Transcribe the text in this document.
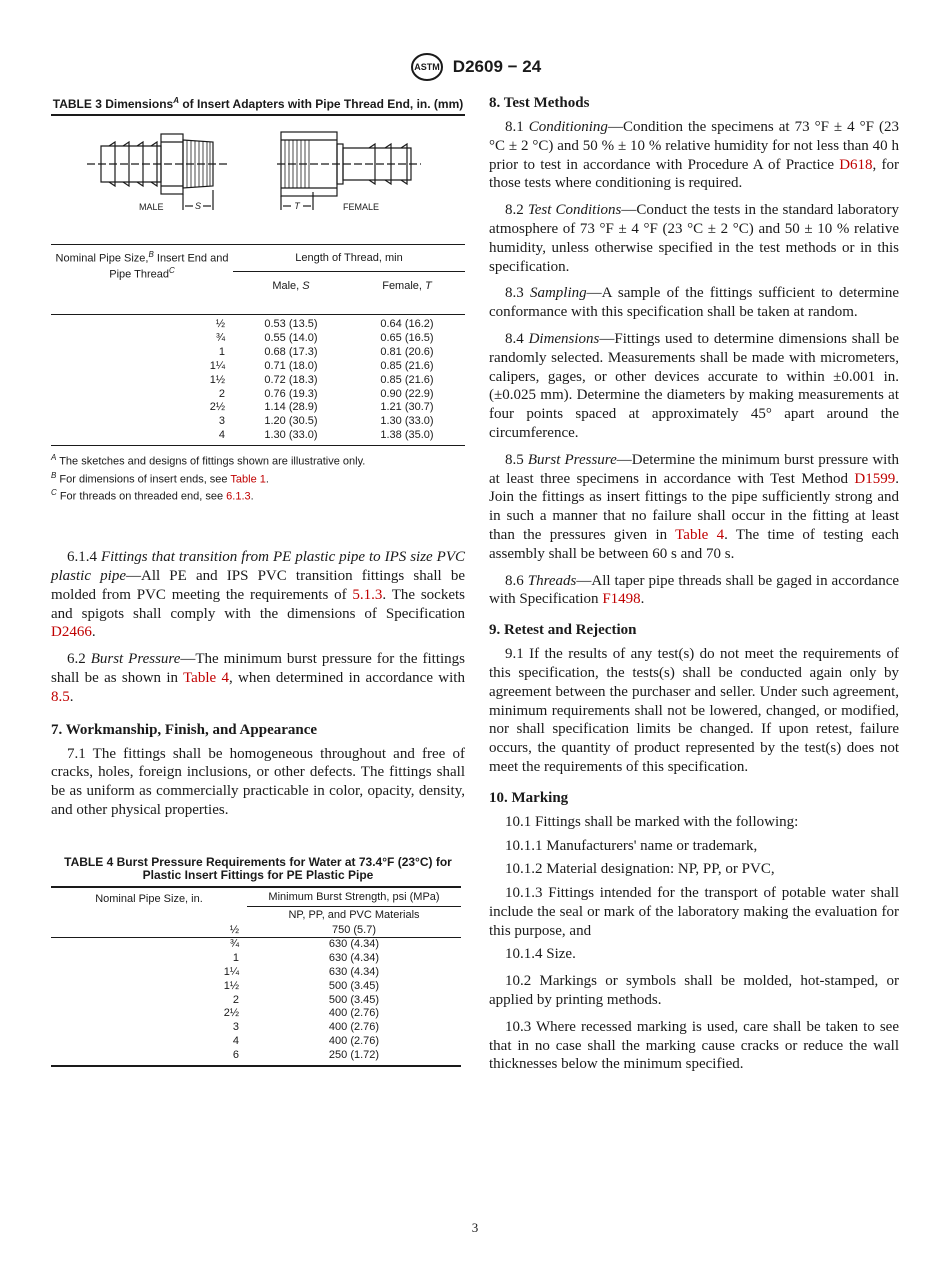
ASTM D2609 − 24
TABLE 3 Dimensions$^A$ of Insert Adapters with Pipe Thread End, in. (mm)
MALE	S	T	FEMALE
Nominal Pipe Size,$^B$ Insert End and Pipe Thread$^C$	Length of Thread, min	
	Male, S	Female, T

½	0.53 (13.5)	0.64 (16.2)
¾	0.55 (14.0)	0.65 (16.5)
1	0.68 (17.3)	0.81 (20.6)
1¼	0.71 (18.0)	0.85 (21.6)
1½	0.72 (18.3)	0.85 (21.6)
2	0.76 (19.3)	0.90 (22.9)
2½	1.14 (28.9)	1.21 (30.7)
3	1.20 (30.5)	1.30 (33.0)
4	1.30 (33.0)	1.38 (35.0)
$^A$ The sketches and designs of fittings shown are illustrative only.
$^B$ For dimensions of insert ends, see Table 1.
$^C$ For threads on threaded end, see 6.1.3.

6.1.4 Fittings that transition from PE plastic pipe to IPS size PVC plastic pipe—All PE and IPS PVC transition fittings shall be molded from PVC meeting the requirements of 5.1.3. The sockets and spigots shall comply with the dimensions of Specification D2466.

6.2 Burst Pressure—The minimum burst pressure for the fittings shall be as shown in Table 4, when determined in accordance with 8.5.

7. Workmanship, Finish, and Appearance

7.1 The fittings shall be homogeneous throughout and free of cracks, holes, foreign inclusions, or other defects. The fittings shall be as uniform as commercially practicable in color, opacity, density, and other physical properties.

TABLE 4 Burst Pressure Requirements for Water at 73.4°F (23°C) for Plastic Insert Fittings for PE Plastic Pipe
Nominal Pipe Size, in.	Minimum Burst Strength, psi (MPa)
	NP, PP, and PVC Materials
½	750 (5.7)
¾	630 (4.34)
1	630 (4.34)
1¼	630 (4.34)
1½	500 (3.45)
2	500 (3.45)
2½	400 (2.76)
3	400 (2.76)
4	400 (2.76)
6	250 (1.72)
8. Test Methods

8.1 Conditioning—Condition the specimens at 73 °F ± 4 °F (23 °C ± 2 °C) and 50 % ± 10 % relative humidity for not less than 40 h prior to test in accordance with Procedure A of Practice D618, for those tests where conditioning is required.

8.2 Test Conditions—Conduct the tests in the standard laboratory atmosphere of 73 °F ± 4 °F (23 °C ± 2 °C) and 50 ± 10 % relative humidity, unless otherwise specified in the test methods or in this specification.

8.3 Sampling—A sample of the fittings sufficient to determine conformance with this specification shall be taken at random.

8.4 Dimensions—Fittings used to determine dimensions shall be randomly selected. Measurements shall be made with micrometers, calipers, gages, or other devices accurate to within ±0.001 in. (±0.025 mm). Determine the diameters by making measurements at four points spaced at approximately 45° apart around the circumference.

8.5 Burst Pressure—Determine the minimum burst pressure with at least three specimens in accordance with Test Method D1599. Join the fittings as insert fittings to the pipe sufficiently strong and in such a manner that no failure shall occur in the fitting at least than the pressures given in Table 4. The time of testing each assembly shall be between 60 s and 70 s.

8.6 Threads—All taper pipe threads shall be gaged in accordance with Specification F1498.

9. Retest and Rejection

9.1 If the results of any test(s) do not meet the requirements of this specification, the tests(s) shall be conducted again only by agreement between the purchaser and seller. Under such agreement, minimum requirements shall not be lowered, changed, or modified, nor shall specification limits be changed. If upon retest, failure occurs, the quantity of product represented by the test(s) does not meet the requirements of this specification.

10. Marking

10.1 Fittings shall be marked with the following:

10.1.1 Manufacturers' name or trademark,

10.1.2 Material designation: NP, PP, or PVC,

10.1.3 Fittings intended for the transport of potable water shall include the seal or mark of the laboratory making the evaluation for this purpose, and

10.1.4 Size.

10.2 Markings or symbols shall be molded, hot-stamped, or applied by printing methods.

10.3 Where recessed marking is used, care shall be taken to see that in no case shall the marking cause cracks or reduce the wall thicknesses below the minimum specified.

3
